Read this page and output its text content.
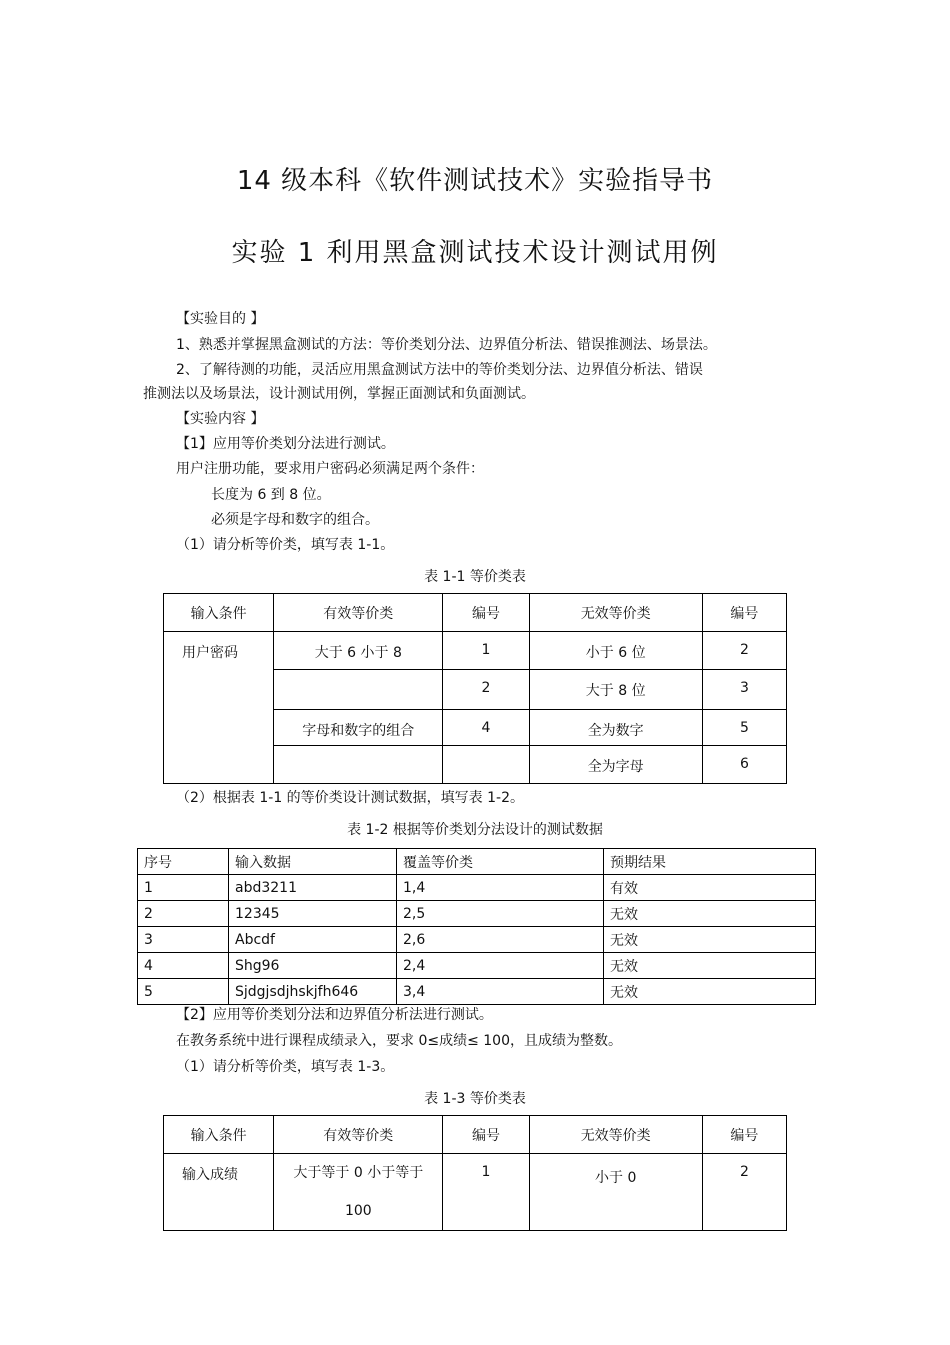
14 级本科《软件测试技术》实验指导书
实验 1 利用黑盒测试技术设计测试用例
【实验目的 】
1、熟悉并掌握黑盒测试的方法：等价类划分法、边界值分析法、错误推测法、场景法。
2、了解待测的功能，灵活应用黑盒测试方法中的等价类划分法、边界值分析法、错误
推测法以及场景法，设计测试用例，掌握正面测试和负面测试。
【实验内容 】
【1】应用等价类划分法进行测试。
用户注册功能，要求用户密码必须满足两个条件：
长度为 6 到 8 位。
必须是字母和数字的组合。
（1）请分析等价类，填写表 1-1。
表 1-1 等价类表
输入条件	有效等价类	编号	无效等价类	编号

用户密码	大于 6 小于 8	1	小于 6 位	2

		2	大于 8 位	3

	字母和数字的组合	4	全为数字	5

			全为字母	6
（2）根据表 1-1 的等价类设计测试数据，填写表 1-2。
表 1-2 根据等价类划分法设计的测试数据
序号	输入数据	覆盖等价类	预期结果
1	abd3211	1,4	有效
2	12345	2,5	无效
3	Abcdf	2,6	无效
4	Shg96	2,4	无效
5	Sjdgjsdjhskjfh646	3,4	无效
【2】应用等价类划分法和边界值分析法进行测试。
在教务系统中进行课程成绩录入，要求 0≤成绩≤ 100，且成绩为整数。
（1）请分析等价类，填写表 1-3。
表 1-3 等价类表
输入条件	有效等价类	编号	无效等价类	编号

输入成绩	大于等于 0 小于等于
100	1	小于 0	2
